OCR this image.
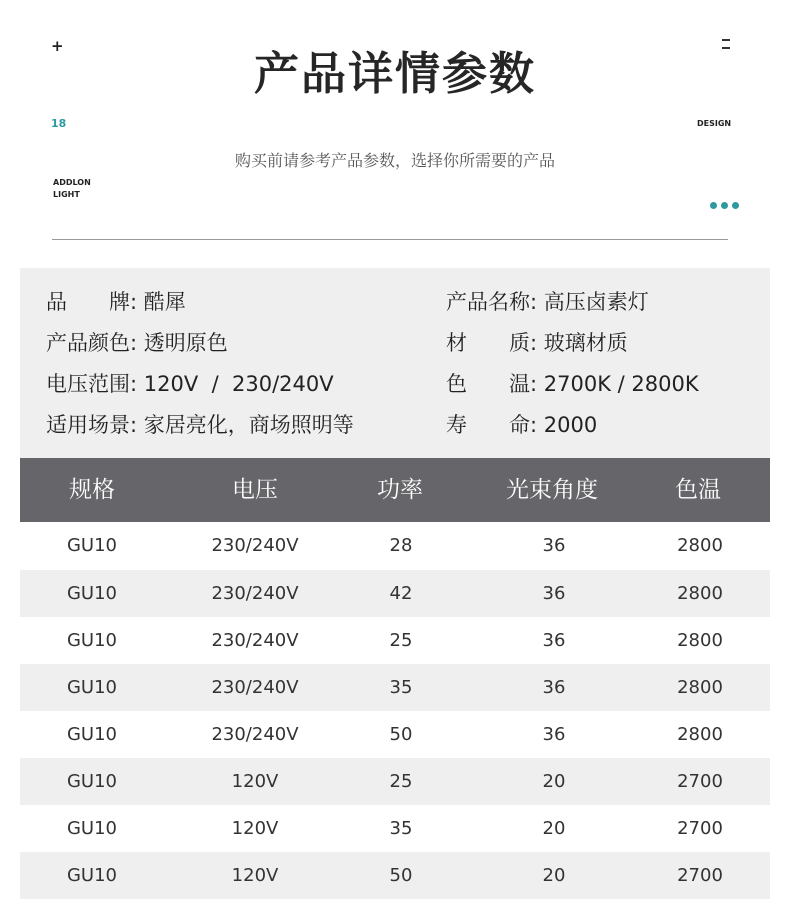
+
产品详情参数
18	DESIGN
购买前请参考产品参数，选择你所需要的产品
ADDLON
LIGHT
品　　牌: 酷犀	产品名称: 高压卤素灯
产品颜色: 透明原色	材　　质: 玻璃材质
电压范围: 120V  /  230/240V	色　　温: 2700K / 2800K
适用场景: 家居亮化，商场照明等	寿　　命: 2000
规格	电压	功率	光束角度	色温
GU10	230/240V	28	36	2800
GU10	230/240V	42	36	2800
GU10	230/240V	25	36	2800
GU10	230/240V	35	36	2800
GU10	230/240V	50	36	2800
GU10	120V	25	20	2700
GU10	120V	35	20	2700
GU10	120V	50	20	2700
